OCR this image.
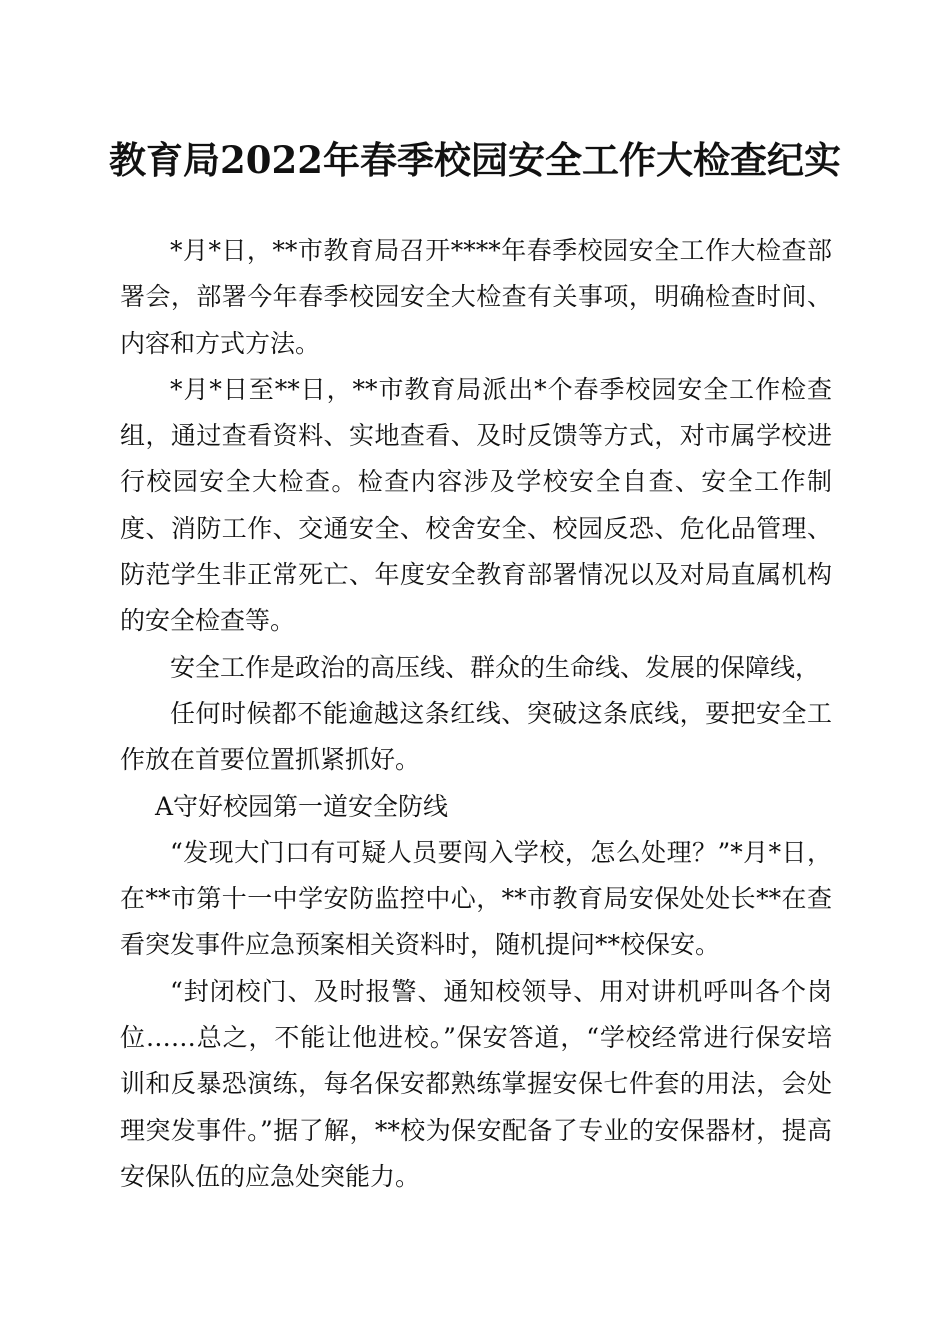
教育局2022年春季校园安全工作大检查纪实

*月*日，**市教育局召开****年春季校园安全工作大检查部署会，部署今年春季校园安全大检查有关事项，明确检查时间、内容和方式方法。

*月*日至**日，**市教育局派出*个春季校园安全工作检查组，通过查看资料、实地查看、及时反馈等方式，对市属学校进行校园安全大检查。检查内容涉及学校安全自查、安全工作制度、消防工作、交通安全、校舍安全、校园反恐、危化品管理、防范学生非正常死亡、年度安全教育部署情况以及对局直属机构的安全检查等。

安全工作是政治的高压线、群众的生命线、发展的保障线，

任何时候都不能逾越这条红线、突破这条底线，要把安全工作放在首要位置抓紧抓好。

A守好校园第一道安全防线

“发现大门口有可疑人员要闯入学校，怎么处理？”*月*日，在**市第十一中学安防监控中心，**市教育局安保处处长**在查看突发事件应急预案相关资料时，随机提问**校保安。

“封闭校门、及时报警、通知校领导、用对讲机呼叫各个岗位……总之，不能让他进校。”保安答道，“学校经常进行保安培训和反暴恐演练，每名保安都熟练掌握安保七件套的用法，会处理突发事件。”据了解，**校为保安配备了专业的安保器材，提高安保队伍的应急处突能力。
